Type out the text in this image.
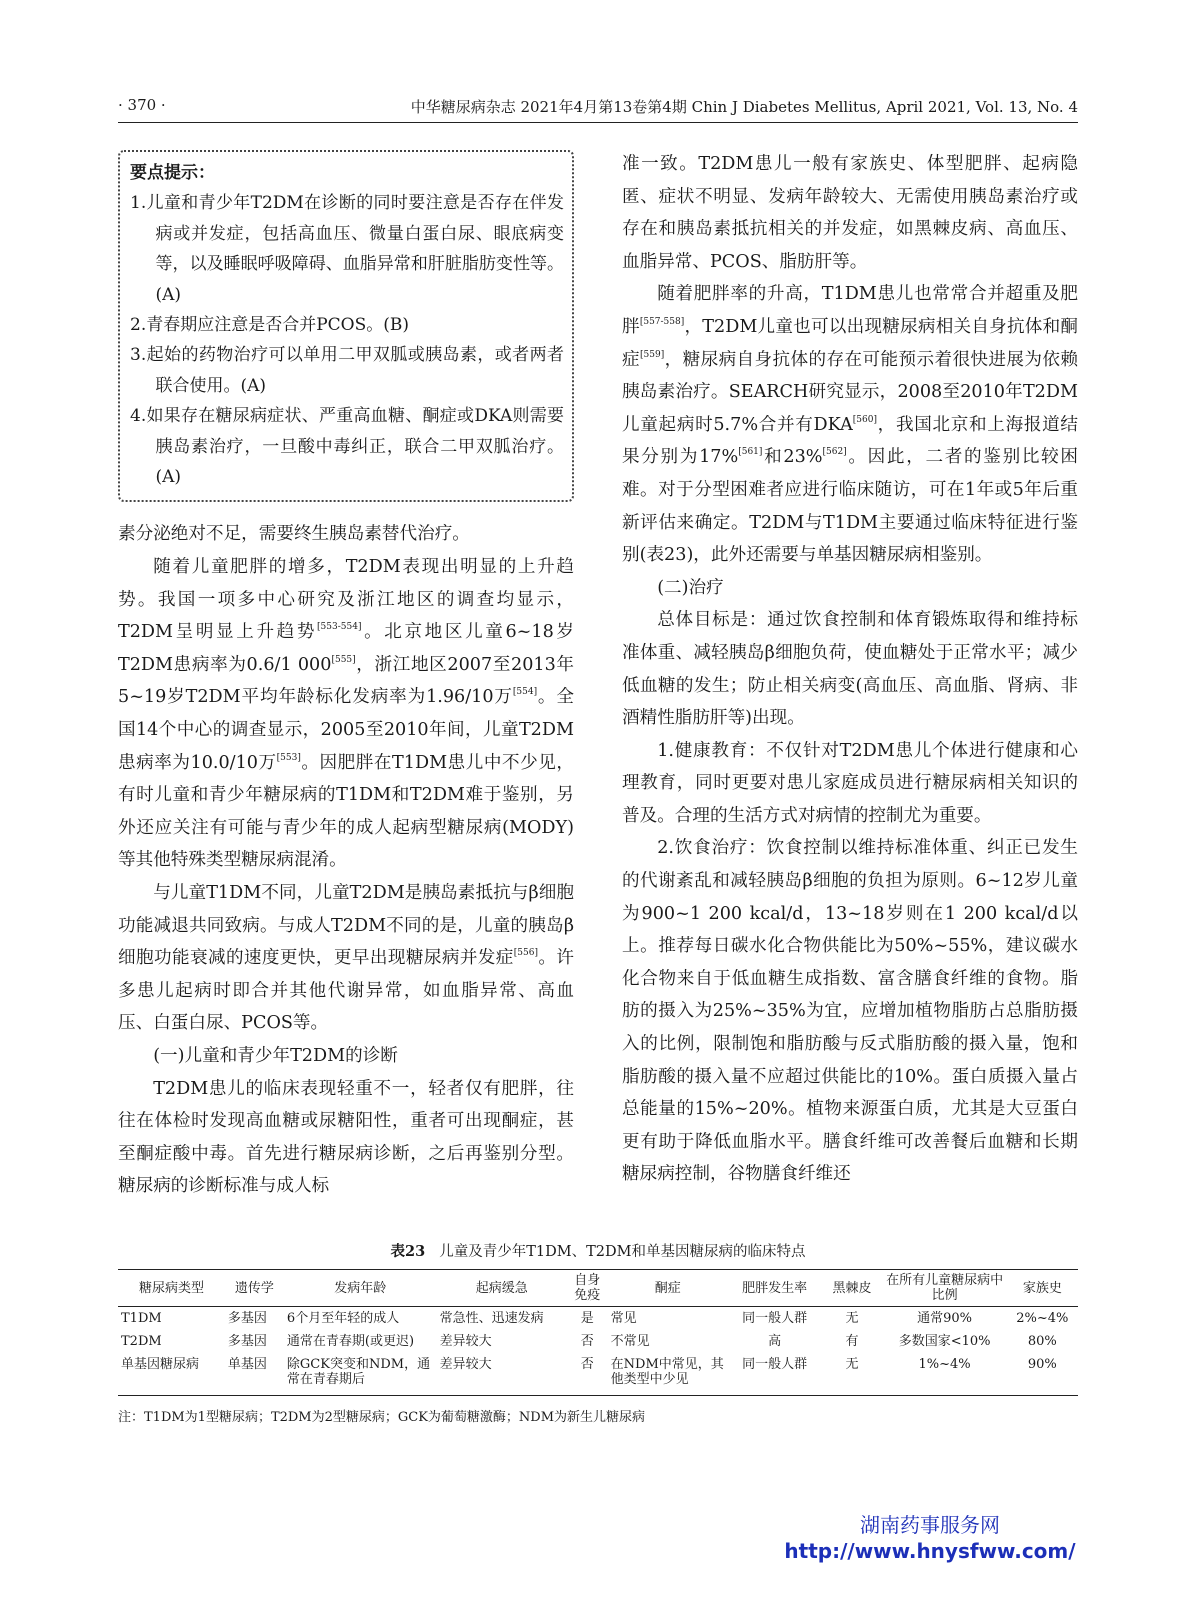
· 370 ·	中华糖尿病杂志 2021年4月第13卷第4期 Chin J Diabetes Mellitus, April 2021, Vol. 13, No. 4
要点提示：
1.儿童和青少年T2DM在诊断的同时要注意是否存在伴发病或并发症，包括高血压、微量白蛋白尿、眼底病变等，以及睡眠呼吸障碍、血脂异常和肝脏脂肪变性等。(A)
2.青春期应注意是否合并PCOS。(B)
3.起始的药物治疗可以单用二甲双胍或胰岛素，或者两者联合使用。(A)
4.如果存在糖尿病症状、严重高血糖、酮症或DKA则需要胰岛素治疗，一旦酸中毒纠正，联合二甲双胍治疗。(A)

素分泌绝对不足，需要终生胰岛素替代治疗。

随着儿童肥胖的增多，T2DM表现出明显的上升趋势。我国一项多中心研究及浙江地区的调查均显示，T2DM呈明显上升趋势[553-554]。北京地区儿童6~18岁T2DM患病率为0.6/1 000[555]，浙江地区2007至2013年5~19岁T2DM平均年龄标化发病率为1.96/10万[554]。全国14个中心的调查显示，2005至2010年间，儿童T2DM患病率为10.0/10万[553]。因肥胖在T1DM患儿中不少见，有时儿童和青少年糖尿病的T1DM和T2DM难于鉴别，另外还应关注有可能与青少年的成人起病型糖尿病(MODY)等其他特殊类型糖尿病混淆。

与儿童T1DM不同，儿童T2DM是胰岛素抵抗与β细胞功能减退共同致病。与成人T2DM不同的是，儿童的胰岛β细胞功能衰减的速度更快，更早出现糖尿病并发症[556]。许多患儿起病时即合并其他代谢异常，如血脂异常、高血压、白蛋白尿、PCOS等。

(一)儿童和青少年T2DM的诊断

T2DM患儿的临床表现轻重不一，轻者仅有肥胖，往往在体检时发现高血糖或尿糖阳性，重者可出现酮症，甚至酮症酸中毒。首先进行糖尿病诊断，之后再鉴别分型。糖尿病的诊断标准与成人标

准一致。T2DM患儿一般有家族史、体型肥胖、起病隐匿、症状不明显、发病年龄较大、无需使用胰岛素治疗或存在和胰岛素抵抗相关的并发症，如黑棘皮病、高血压、血脂异常、PCOS、脂肪肝等。

随着肥胖率的升高，T1DM患儿也常常合并超重及肥胖[557-558]，T2DM儿童也可以出现糖尿病相关自身抗体和酮症[559]，糖尿病自身抗体的存在可能预示着很快进展为依赖胰岛素治疗。SEARCH研究显示，2008至2010年T2DM儿童起病时5.7%合并有DKA[560]，我国北京和上海报道结果分别为17%[561]和23%[562]。因此，二者的鉴别比较困难。对于分型困难者应进行临床随访，可在1年或5年后重新评估来确定。T2DM与T1DM主要通过临床特征进行鉴别(表23)，此外还需要与单基因糖尿病相鉴别。

(二)治疗

总体目标是：通过饮食控制和体育锻炼取得和维持标准体重、减轻胰岛β细胞负荷，使血糖处于正常水平；减少低血糖的发生；防止相关病变(高血压、高血脂、肾病、非酒精性脂肪肝等)出现。

1.健康教育：不仅针对T2DM患儿个体进行健康和心理教育，同时更要对患儿家庭成员进行糖尿病相关知识的普及。合理的生活方式对病情的控制尤为重要。

2.饮食治疗：饮食控制以维持标准体重、纠正已发生的代谢紊乱和减轻胰岛β细胞的负担为原则。6~12岁儿童为900~1 200 kcal/d，13~18岁则在1 200 kcal/d以上。推荐每日碳水化合物供能比为50%~55%，建议碳水化合物来自于低血糖生成指数、富含膳食纤维的食物。脂肪的摄入为25%~35%为宜，应增加植物脂肪占总脂肪摄入的比例，限制饱和脂肪酸与反式脂肪酸的摄入量，饱和脂肪酸的摄入量不应超过供能比的10%。蛋白质摄入量占总能量的15%~20%。植物来源蛋白质，尤其是大豆蛋白更有助于降低血脂水平。膳食纤维可改善餐后血糖和长期糖尿病控制，谷物膳食纤维还

表23 儿童及青少年T1DM、T2DM和单基因糖尿病的临床特点
糖尿病类型	遗传学	发病年龄	起病缓急	自身免疫	酮症	肥胖发生率	黑棘皮	在所有儿童糖尿病中比例	家族史
T1DM	多基因	6个月至年轻的成人	常急性、迅速发病	是	常见	同一般人群	无	通常90%	2%~4%
T2DM	多基因	通常在青春期(或更迟)	差异较大	否	不常见	高	有	多数国家<10%	80%
单基因糖尿病	单基因	除GCK突变和NDM，通常在青春期后	差异较大	否	在NDM中常见，其他类型中少见	同一般人群	无	1%~4%	90%
注：T1DM为1型糖尿病；T2DM为2型糖尿病；GCK为葡萄糖激酶；NDM为新生儿糖尿病
湖南药事服务网
http://www.hnysfww.com/
